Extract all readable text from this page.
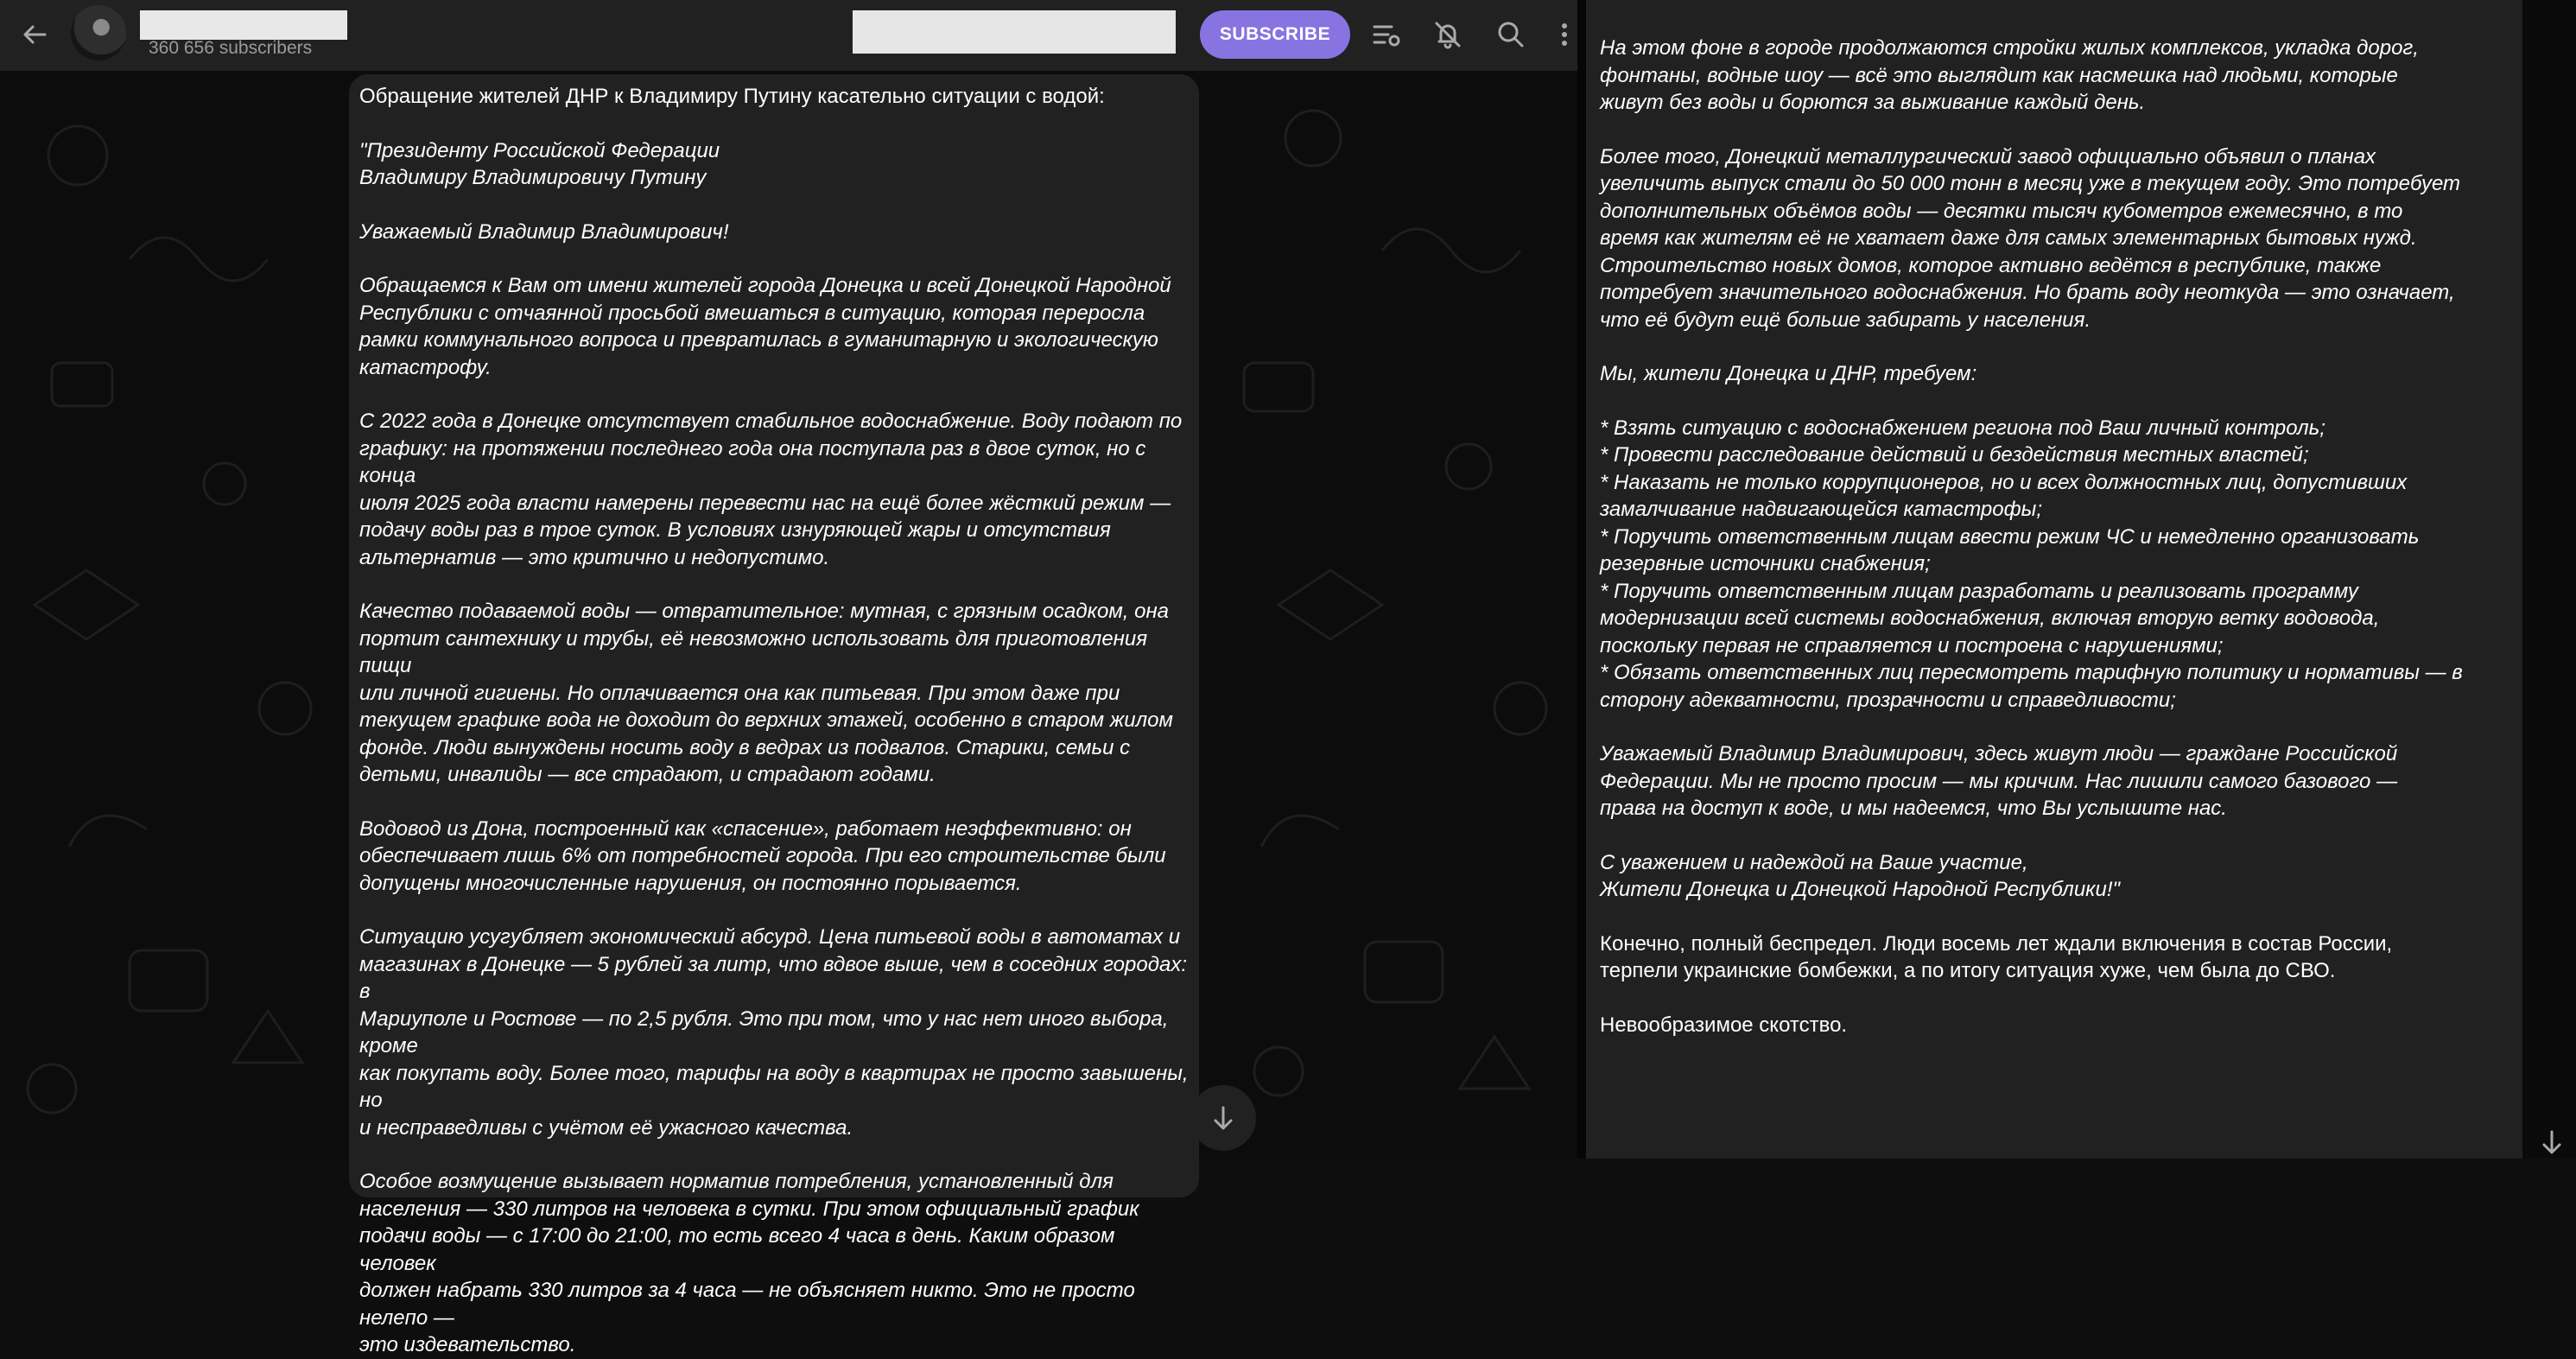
360 656 subscribers
SUBSCRIBE

Обращение жителей ДНР к Владимиру Путину касательно ситуации с водой:

"Президенту Российской Федерации
Владимиру Владимировичу Путину

Уважаемый Владимир Владимирович!

Обращаемся к Вам от имени жителей города Донецка и всей Донецкой Народной
Республики с отчаянной просьбой вмешаться в ситуацию, которая переросла
рамки коммунального вопроса и превратилась в гуманитарную и экологическую
катастрофу.

С 2022 года в Донецке отсутствует стабильное водоснабжение. Воду подают по
графику: на протяжении последнего года она поступала раз в двое суток, но с конца
июля 2025 года власти намерены перевести нас на ещё более жёсткий режим —
подачу воды раз в трое суток. В условиях изнуряющей жары и отсутствия
альтернатив — это критично и недопустимо.

Качество подаваемой воды — отвратительное: мутная, с грязным осадком, она
портит сантехнику и трубы, её невозможно использовать для приготовления пищи
или личной гигиены. Но оплачивается она как питьевая. При этом даже при
текущем графике вода не доходит до верхних этажей, особенно в старом жилом
фонде. Люди вынуждены носить воду в ведрах из подвалов. Старики, семьи с
детьми, инвалиды — все страдают, и страдают годами.

Водовод из Дона, построенный как «спасение», работает неэффективно: он
обеспечивает лишь 6% от потребностей города. При его строительстве были
допущены многочисленные нарушения, он постоянно порывается.

Ситуацию усугубляет экономический абсурд. Цена питьевой воды в автоматах и
магазинах в Донецке — 5 рублей за литр, что вдвое выше, чем в соседних городах: в
Мариуполе и Ростове — по 2,5 рубля. Это при том, что у нас нет иного выбора, кроме
как покупать воду. Более того, тарифы на воду в квартирах не просто завышены, но
и несправедливы с учётом её ужасного качества.

Особое возмущение вызывает норматив потребления, установленный для
населения — 330 литров на человека в сутки. При этом официальный график
подачи воды — с 17:00 до 21:00, то есть всего 4 часа в день. Каким образом человек
должен набрать 330 литров за 4 часа — не объясняет никто. Это не просто нелепо —
это издевательство.

На этом фоне в городе продолжаются стройки жилых комплексов, укладка дорог,
фонтаны, водные шоу — всё это выглядит как насмешка над людьми, которые
живут без воды и борются за выживание каждый день.

Более того, Донецкий металлургический завод официально объявил о планах
увеличить выпуск стали до 50 000 тонн в месяц уже в текущем году. Это потребует
дополнительных объёмов воды — десятки тысяч кубометров ежемесячно, в то
время как жителям её не хватает даже для самых элементарных бытовых нужд.
Строительство новых домов, которое активно ведётся в республике, также
потребует значительного водоснабжения. Но брать воду неоткуда — это означает,
что её будут ещё больше забирать у населения.

Мы, жители Донецка и ДНР, требуем:

* Взять ситуацию с водоснабжением региона под Ваш личный контроль;
* Провести расследование действий и бездействия местных властей;
* Наказать не только коррупционеров, но и всех должностных лиц, допустивших
замалчивание надвигающейся катастрофы;
* Поручить ответственным лицам ввести режим ЧС и немедленно организовать
резервные источники снабжения;
* Поручить ответственным лицам разработать и реализовать программу
модернизации всей системы водоснабжения, включая вторую ветку водовода,
поскольку первая не справляется и построена с нарушениями;
* Обязать ответственных лиц пересмотреть тарифную политику и нормативы — в
сторону адекватности, прозрачности и справедливости;

Уважаемый Владимир Владимирович, здесь живут люди — граждане Российской
Федерации. Мы не просто просим — мы кричим. Нас лишили самого базового —
права на доступ к воде, и мы надеемся, что Вы услышите нас.

С уважением и надеждой на Ваше участие,
Жители Донецка и Донецкой Народной Республики!"

Конечно, полный беспредел. Люди восемь лет ждали включения в состав России,
терпели украинские бомбежки, а по итогу ситуация хуже, чем была до СВО.

Невообразимое скотство.
